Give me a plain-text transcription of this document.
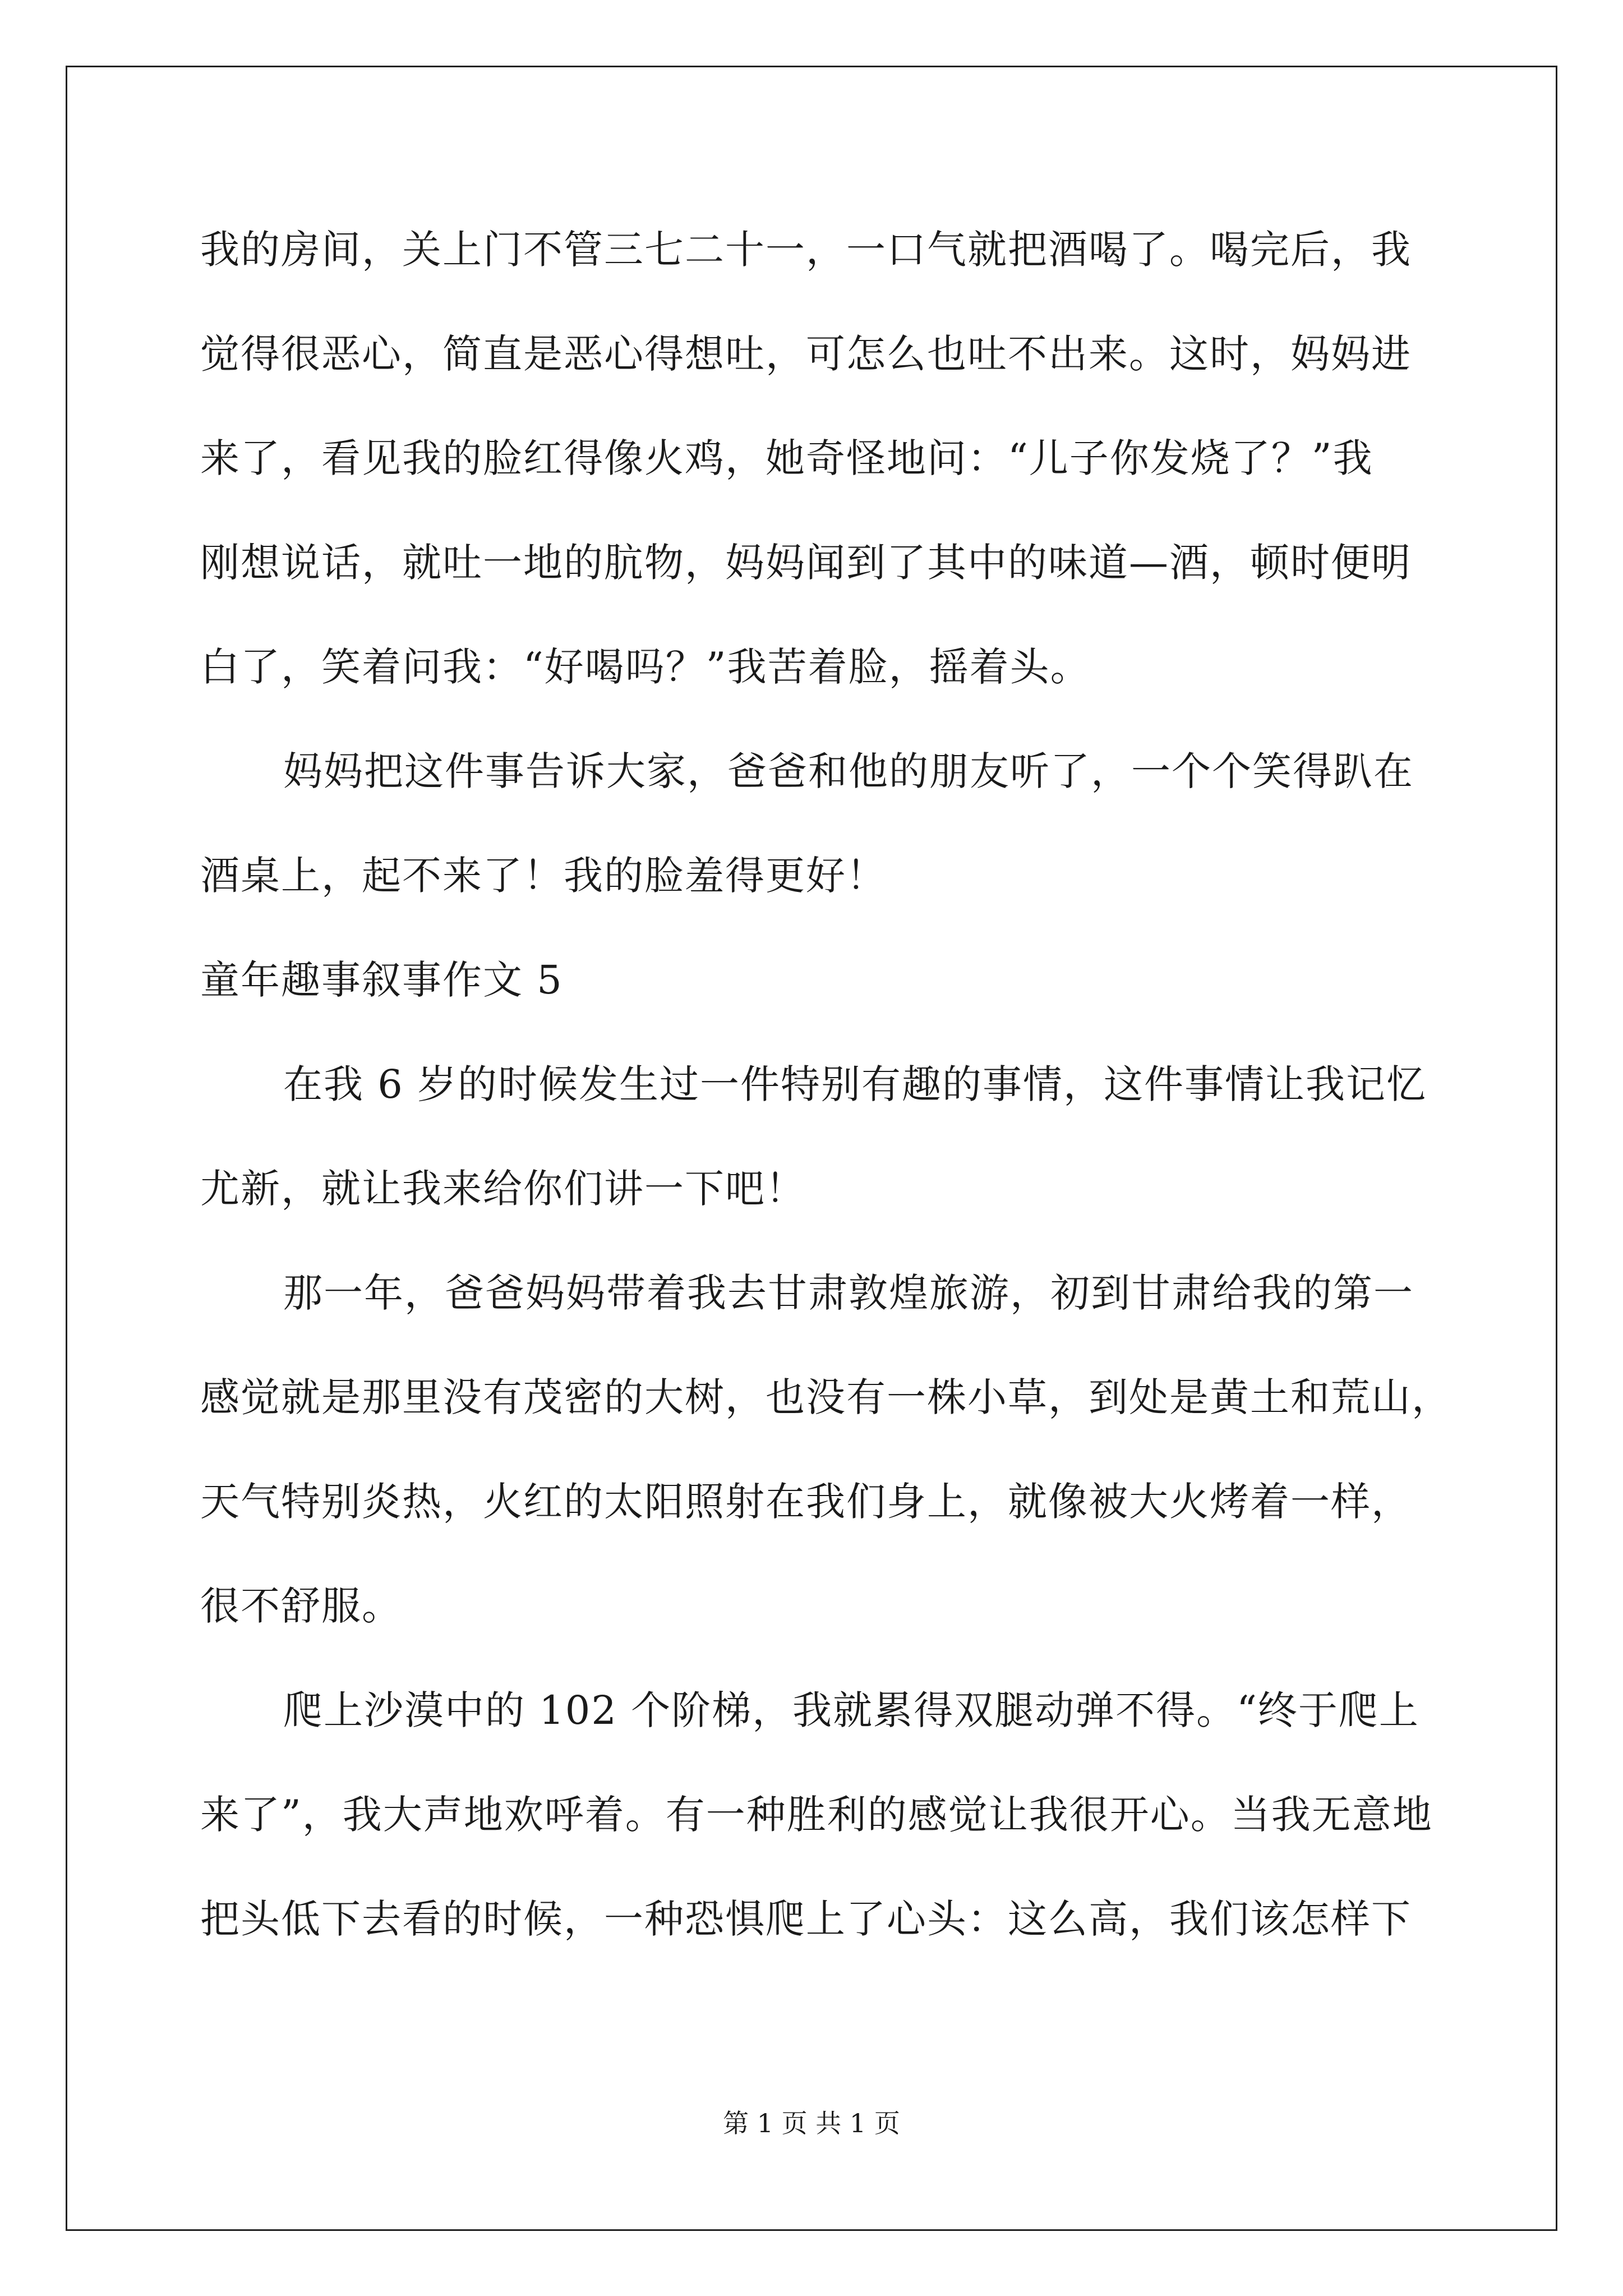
我的房间，关上门不管三七二十一，一口气就把酒喝了。喝完后，我
觉得很恶心，简直是恶心得想吐，可怎么也吐不出来。这时，妈妈进
来了，看见我的脸红得像火鸡，她奇怪地问：“儿子你发烧了？”我
刚想说话，就吐一地的肮物，妈妈闻到了其中的味道—酒，顿时便明
白了，笑着问我：“好喝吗？”我苦着脸，摇着头。
妈妈把这件事告诉大家，爸爸和他的朋友听了，一个个笑得趴在
酒桌上，起不来了！我的脸羞得更好！
童年趣事叙事作文 5
在我 6 岁的时候发生过一件特别有趣的事情，这件事情让我记忆
尤新，就让我来给你们讲一下吧！
那一年，爸爸妈妈带着我去甘肃敦煌旅游，初到甘肃给我的第一
感觉就是那里没有茂密的大树，也没有一株小草，到处是黄土和荒山，
天气特别炎热，火红的太阳照射在我们身上，就像被大火烤着一样，
很不舒服。
爬上沙漠中的 102 个阶梯，我就累得双腿动弹不得。“终于爬上
来了”，我大声地欢呼着。有一种胜利的感觉让我很开心。当我无意地
把头低下去看的时候，一种恐惧爬上了心头：这么高，我们该怎样下
第 1 页 共 1 页
